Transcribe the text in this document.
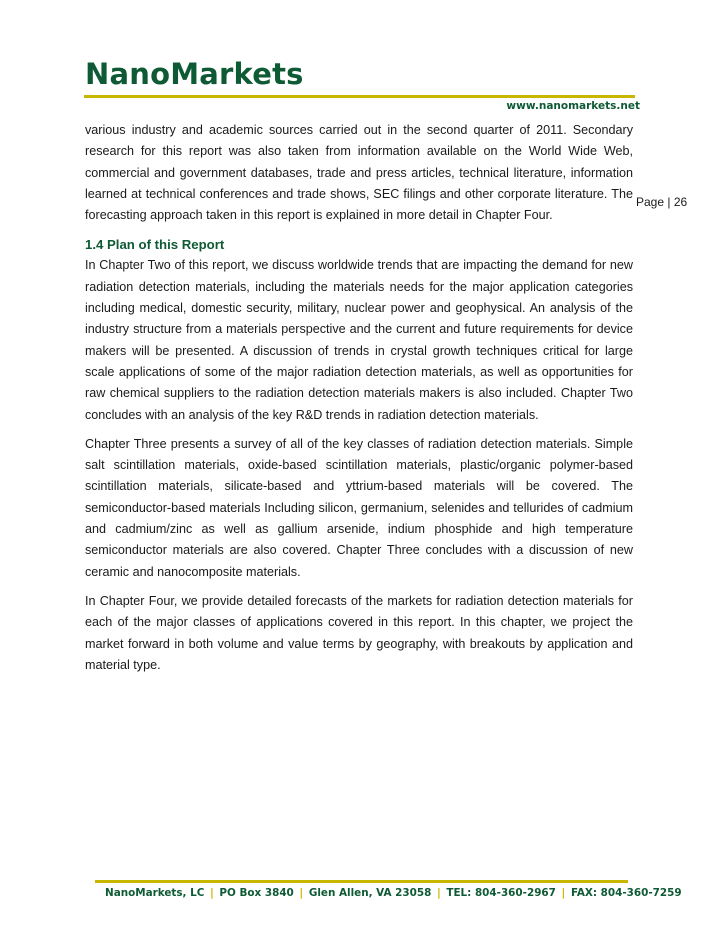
NanoMarkets
www.nanomarkets.net
Page | 26

various industry and academic sources carried out in the second quarter of 2011. Secondary research for this report was also taken from information available on the World Wide Web, commercial and government databases, trade and press articles, technical literature, information learned at technical conferences and trade shows, SEC filings and other corporate literature. The forecasting approach taken in this report is explained in more detail in Chapter Four.

1.4 Plan of this Report

In Chapter Two of this report, we discuss worldwide trends that are impacting the demand for new radiation detection materials, including the materials needs for the major application categories including medical, domestic security, military, nuclear power and geophysical. An analysis of the industry structure from a materials perspective and the current and future requirements for device makers will be presented. A discussion of trends in crystal growth techniques critical for large scale applications of some of the major radiation detection materials, as well as opportunities for raw chemical suppliers to the radiation detection materials makers is also included. Chapter Two concludes with an analysis of the key R&D trends in radiation detection materials.

Chapter Three presents a survey of all of the key classes of radiation detection materials. Simple salt scintillation materials, oxide-based scintillation materials, plastic/organic polymer-based scintillation materials, silicate-based and yttrium-based materials will be covered. The semiconductor-based materials Including silicon, germanium, selenides and tellurides of cadmium and cadmium/zinc as well as gallium arsenide, indium phosphide and high temperature semiconductor materials are also covered. Chapter Three concludes with a discussion of new ceramic and nanocomposite materials.

In Chapter Four, we provide detailed forecasts of the markets for radiation detection materials for each of the major classes of applications covered in this report. In this chapter, we project the market forward in both volume and value terms by geography, with breakouts by application and material type.

NanoMarkets, LC | PO Box 3840 | Glen Allen, VA 23058 | TEL: 804-360-2967 | FAX: 804-360-7259
